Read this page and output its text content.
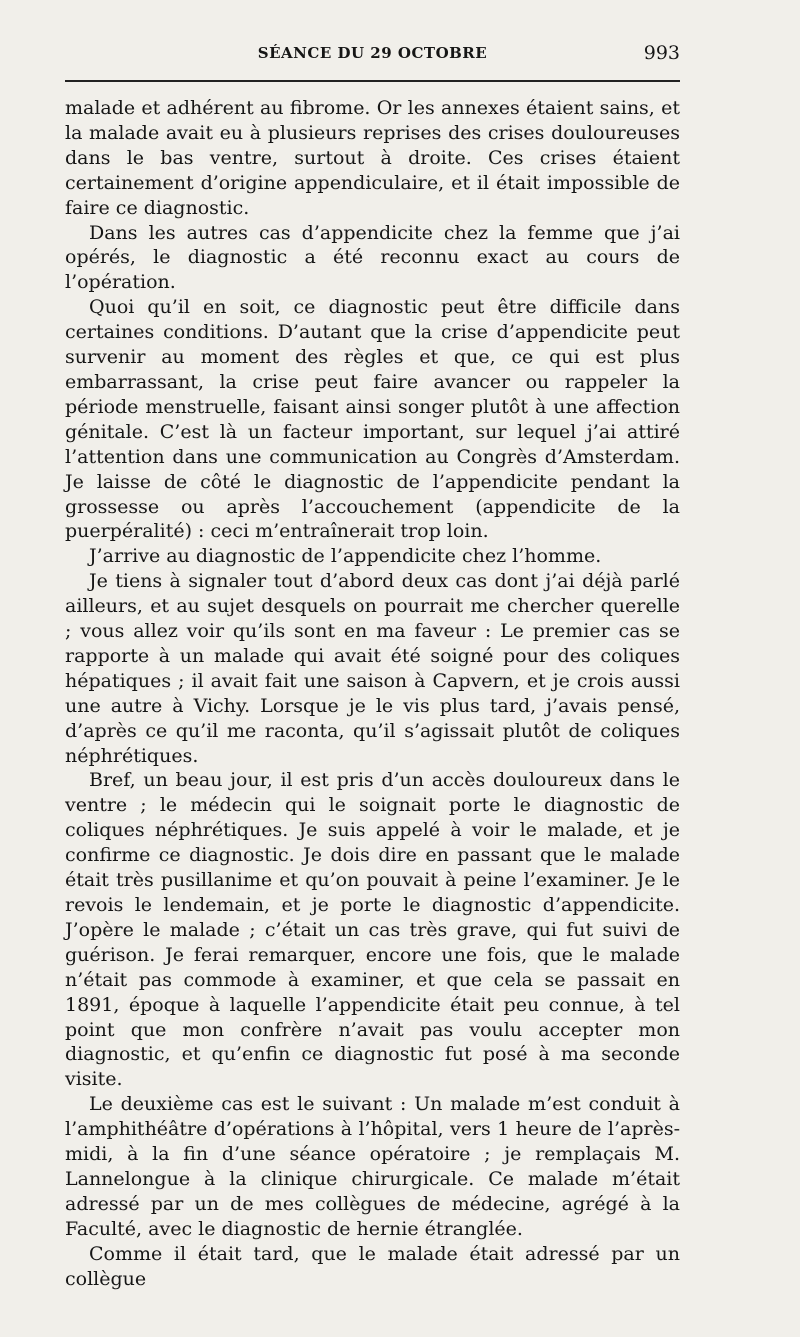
SÉANCE DU 29 OCTOBRE	993

malade et adhérent au fibrome. Or les annexes étaient sains, et la malade avait eu à plusieurs reprises des crises douloureuses dans le bas ventre, surtout à droite. Ces crises étaient certainement d’origine appendiculaire, et il était impossible de faire ce diagnostic.

Dans les autres cas d’appendicite chez la femme que j’ai opérés, le diagnostic a été reconnu exact au cours de l’opération.

Quoi qu’il en soit, ce diagnostic peut être difficile dans certaines conditions. D’autant que la crise d’appendicite peut survenir au moment des règles et que, ce qui est plus embarrassant, la crise peut faire avancer ou rappeler la période menstruelle, faisant ainsi songer plutôt à une affection génitale. C’est là un facteur important, sur lequel j’ai attiré l’attention dans une communication au Congrès d’Amsterdam. Je laisse de côté le diagnostic de l’appendicite pendant la grossesse ou après l’accouchement (appendicite de la puerpéralité) : ceci m’entraînerait trop loin.

J’arrive au diagnostic de l’appendicite chez l’homme.

Je tiens à signaler tout d’abord deux cas dont j’ai déjà parlé ailleurs, et au sujet desquels on pourrait me chercher querelle ; vous allez voir qu’ils sont en ma faveur : Le premier cas se rapporte à un malade qui avait été soigné pour des coliques hépatiques ; il avait fait une saison à Capvern, et je crois aussi une autre à Vichy. Lorsque je le vis plus tard, j’avais pensé, d’après ce qu’il me raconta, qu’il s’agissait plutôt de coliques néphrétiques.

Bref, un beau jour, il est pris d’un accès douloureux dans le ventre ; le médecin qui le soignait porte le diagnostic de coliques néphrétiques. Je suis appelé à voir le malade, et je confirme ce diagnostic. Je dois dire en passant que le malade était très pusillanime et qu’on pouvait à peine l’examiner. Je le revois le lendemain, et je porte le diagnostic d’appendicite. J’opère le malade ; c’était un cas très grave, qui fut suivi de guérison. Je ferai remarquer, encore une fois, que le malade n’était pas commode à examiner, et que cela se passait en 1891, époque à laquelle l’appendicite était peu connue, à tel point que mon confrère n’avait pas voulu accepter mon diagnostic, et qu’enfin ce diagnostic fut posé à ma seconde visite.

Le deuxième cas est le suivant : Un malade m’est conduit à l’amphithéâtre d’opérations à l’hôpital, vers 1 heure de l’après-midi, à la fin d’une séance opératoire ; je remplaçais M. Lannelongue à la clinique chirurgicale. Ce malade m’était adressé par un de mes collègues de médecine, agrégé à la Faculté, avec le diagnostic de hernie étranglée.

Comme il était tard, que le malade était adressé par un collègue
